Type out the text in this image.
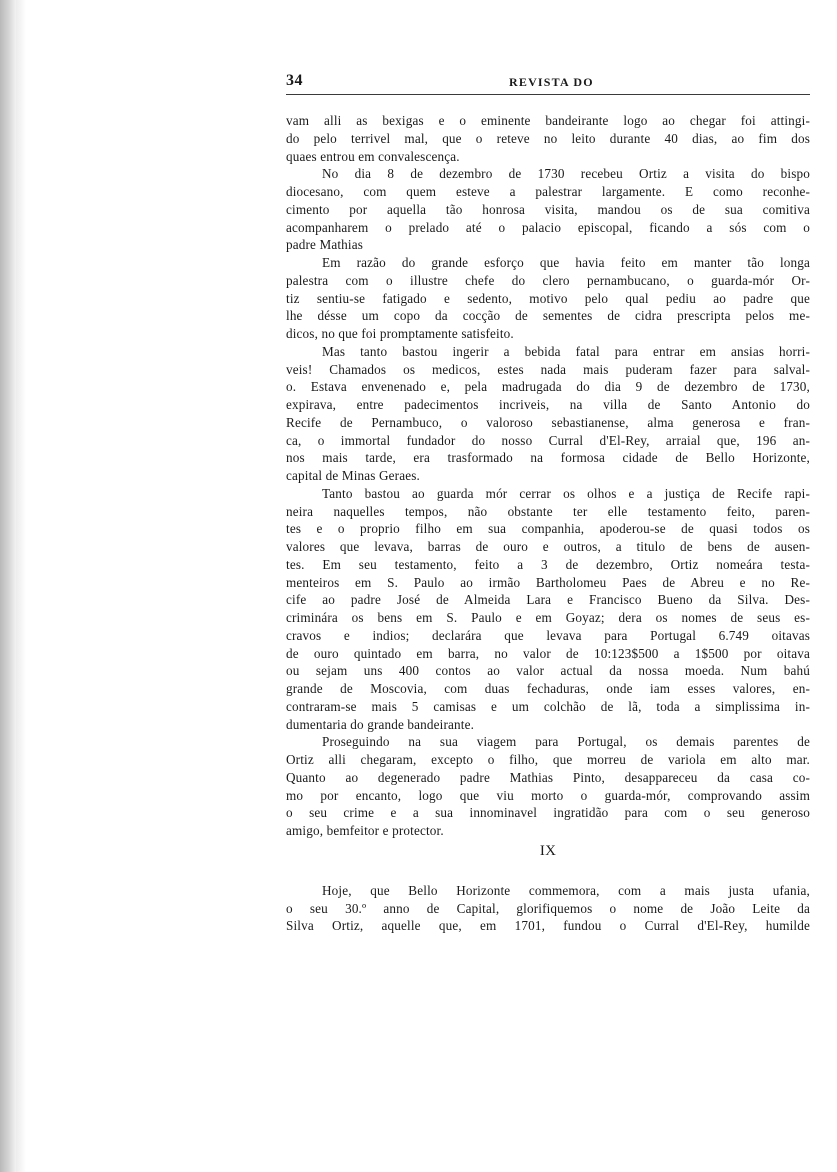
34	REVISTA DO
vam alli as bexigas e o eminente bandeirante logo ao chegar foi attingi-
do pelo terrivel mal, que o reteve no leito durante 40 dias, ao fim dos
quaes entrou em convalescença.
No dia 8 de dezembro de 1730 recebeu Ortiz a visita do bispo
diocesano, com quem esteve a palestrar largamente. E como reconhe-
cimento por aquella tão honrosa visita, mandou os de sua comitiva
acompanharem o prelado até o palacio episcopal, ficando a sós com o
padre Mathias
Em razão do grande esforço que havia feito em manter tão longa
palestra com o illustre chefe do clero pernambucano, o guarda-mór Or-
tiz sentiu-se fatigado e sedento, motivo pelo qual pediu ao padre que
lhe désse um copo da cocção de sementes de cidra prescripta pelos me-
dicos, no que foi promptamente satisfeito.
Mas tanto bastou ingerir a bebida fatal para entrar em ansias horri-
veis! Chamados os medicos, estes nada mais puderam fazer para salval-
o. Estava envenenado e, pela madrugada do dia 9 de dezembro de 1730,
expirava, entre padecimentos incriveis, na villa de Santo Antonio do
Recife de Pernambuco, o valoroso sebastianense, alma generosa e fran-
ca, o immortal fundador do nosso Curral d'El-Rey, arraial que, 196 an-
nos mais tarde, era trasformado na formosa cidade de Bello Horizonte,
capital de Minas Geraes.
Tanto bastou ao guarda mór cerrar os olhos e a justiça de Recife rapi-
neira naquelles tempos, não obstante ter elle testamento feito, paren-
tes e o proprio filho em sua companhia, apoderou-se de quasi todos os
valores que levava, barras de ouro e outros, a titulo de bens de ausen-
tes. Em seu testamento, feito a 3 de dezembro, Ortiz nomeára testa-
menteiros em S. Paulo ao irmão Bartholomeu Paes de Abreu e no Re-
cife ao padre José de Almeida Lara e Francisco Bueno da Silva. Des-
criminára os bens em S. Paulo e em Goyaz; dera os nomes de seus es-
cravos e indios; declarára que levava para Portugal 6.749 oitavas
de ouro quintado em barra, no valor de 10:123$500 a 1$500 por oitava
ou sejam uns 400 contos ao valor actual da nossa moeda. Num bahú
grande de Moscovia, com duas fechaduras, onde iam esses valores, en-
contraram-se mais 5 camisas e um colchão de lã, toda a simplissima in-
dumentaria do grande bandeirante.
Proseguindo na sua viagem para Portugal, os demais parentes de
Ortiz alli chegaram, excepto o filho, que morreu de variola em alto mar.
Quanto ao degenerado padre Mathias Pinto, desappareceu da casa co-
mo por encanto, logo que viu morto o guarda-mór, comprovando assim
o seu crime e a sua innominavel ingratidão para com o seu generoso
amigo, bemfeitor e protector.
IX
Hoje, que Bello Horizonte commemora, com a mais justa ufania,
o seu 30.º anno de Capital, glorifiquemos o nome de João Leite da
Silva Ortiz, aquelle que, em 1701, fundou o Curral d'El-Rey, humilde
